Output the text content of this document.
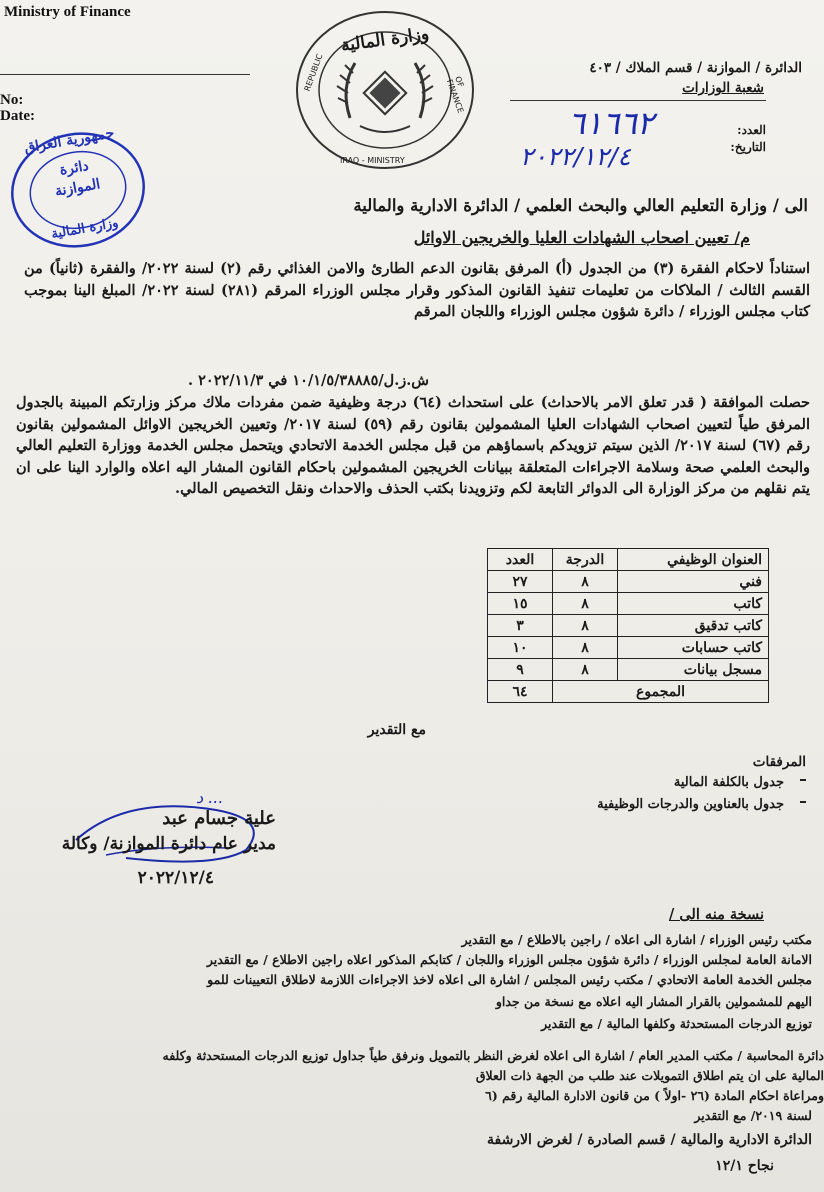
Ministry of Finance
No:
Date:
وزارة المالية
REPUBLIC
IRAQ - MINISTRY
OF FINANCE
جمهورية العراق
دائرة
الموازنة
وزارة المالية
الدائرة / الموازنة / قسم الملاك / ٤٠٣
شعبة الوزارات
العدد:
التاريخ:
٦١٦٦٢
٢٠٢٢/١٢/٤
الى / وزارة التعليم العالي والبحث العلمي / الدائرة الادارية والمالية
م/ تعيين اصحاب الشهادات العليا والخريجين الاوائل
استناداً لاحكام الفقرة (٣) من الجدول (أ) المرفق بقانون الدعم الطارئ والامن الغذائي رقم (٢) لسنة ٢٠٢٢/ والفقرة (ثانياً) من القسم الثالث / الملاكات من تعليمات تنفيذ القانون المذكور وقرار مجلس الوزراء المرقم (٢٨١) لسنة ٢٠٢٢/ المبلغ الينا بموجب كتاب مجلس الوزراء / دائرة شؤون مجلس الوزراء واللجان المرقم
ش.ز.ل/١٠/١/٥/٣٨٨٨٥ في ٢٠٢٢/١١/٣ .
حصلت الموافقة ( قدر تعلق الامر بالاحداث) على استحداث (٦٤) درجة وظيفية ضمن مفردات ملاك مركز وزارتكم المبينة بالجدول المرفق طياً لتعيين اصحاب الشهادات العليا المشمولين بقانون رقم (٥٩) لسنة ٢٠١٧/ وتعيين الخريجين الاوائل المشمولين بقانون رقم (٦٧) لسنة ٢٠١٧/ الذين سيتم تزويدكم باسماؤهم من قبل مجلس الخدمة الاتحادي ويتحمل مجلس الخدمة ووزارة التعليم العالي والبحث العلمي صحة وسلامة الاجراءات المتعلقة ببيانات الخريجين المشمولين باحكام القانون المشار اليه اعلاه والوارد الينا على ان يتم نقلهم من مركز الوزارة الى الدوائر التابعة لكم وتزويدنا بكتب الحذف والاحداث ونقل التخصيص المالي.
العنوان الوظيفي	الدرجة	العدد
فني	٨	٢٧
كاتب	٨	١٥
كاتب تدقيق	٨	٣
كاتب حسابات	٨	١٠
مسجل بيانات	٨	٩
المجموع		٦٤
مع التقدير
المرفقات
جدول بالكلفة المالية
جدول بالعناوين والدرجات الوظيفية
د ...
علية جسام عبد
مدير عام دائرة الموازنة/ وكالة
٢٠٢٢/١٢/٤
نسخة منه الى /
مكتب رئيس الوزراء / اشارة الى اعلاه / راجين بالاطلاع / مع التقدير
الامانة العامة لمجلس الوزراء / دائرة شؤون مجلس الوزراء واللجان / كتابكم المذكور اعلاه راجين الاطلاع / مع التقدير
مجلس الخدمة العامة الاتحادي / مكتب رئيس المجلس / اشارة الى اعلاه لاخذ الاجراءات اللازمة لاطلاق التعيينات للمو
اليهم للمشمولين بالقرار المشار اليه اعلاه مع نسخة من جداو
توزيع الدرجات المستحدثة وكلفها المالية / مع التقدير
دائرة المحاسبة / مكتب المدير العام / اشارة الى اعلاه لغرض النظر بالتمويل ونرفق طياً جداول توزيع الدرجات المستحدثة وكلفه
المالية على ان يتم اطلاق التمويلات عند طلب من الجهة ذات العلاق
ومراعاة احكام المادة (٢٦ -اولاً ) من قانون الادارة المالية رقم (٦
لسنة ٢٠١٩/ مع التقدير
الدائرة الادارية والمالية / قسم الصادرة / لغرض الارشفة
نجاح ١٢/١
